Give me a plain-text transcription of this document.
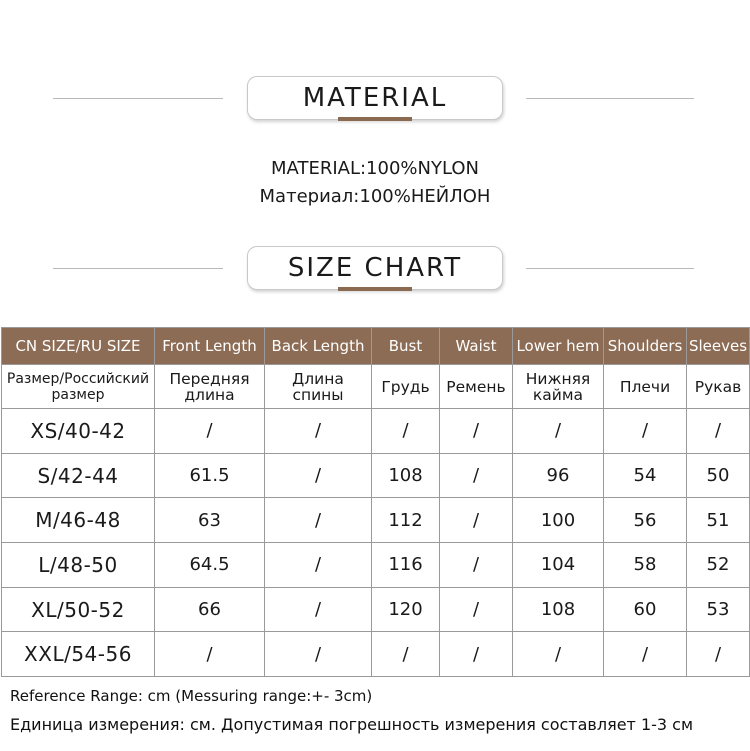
MATERIAL
MATERIAL:100%NYLON
Материал:100%НЕЙЛОН
SIZE CHART
CN SIZE/RU SIZE	Front Length	Back Length	Bust	Waist	Lower hem	Shoulders	Sleeves
Размер/Российский размер	Передняя длина	Длина спины	Грудь	Ремень	Нижняя кайма	Плечи	Рукав
XS/40-42	/	/	/	/	/	/	/
S/42-44	61.5	/	108	/	96	54	50
M/46-48	63	/	112	/	100	56	51
L/48-50	64.5	/	116	/	104	58	52
XL/50-52	66	/	120	/	108	60	53
XXL/54-56	/	/	/	/	/	/	/
Reference Range: cm (Messuring range:+- 3cm)
Единица измерения: см. Допустимая погрешность измерения составляет 1-3 см
